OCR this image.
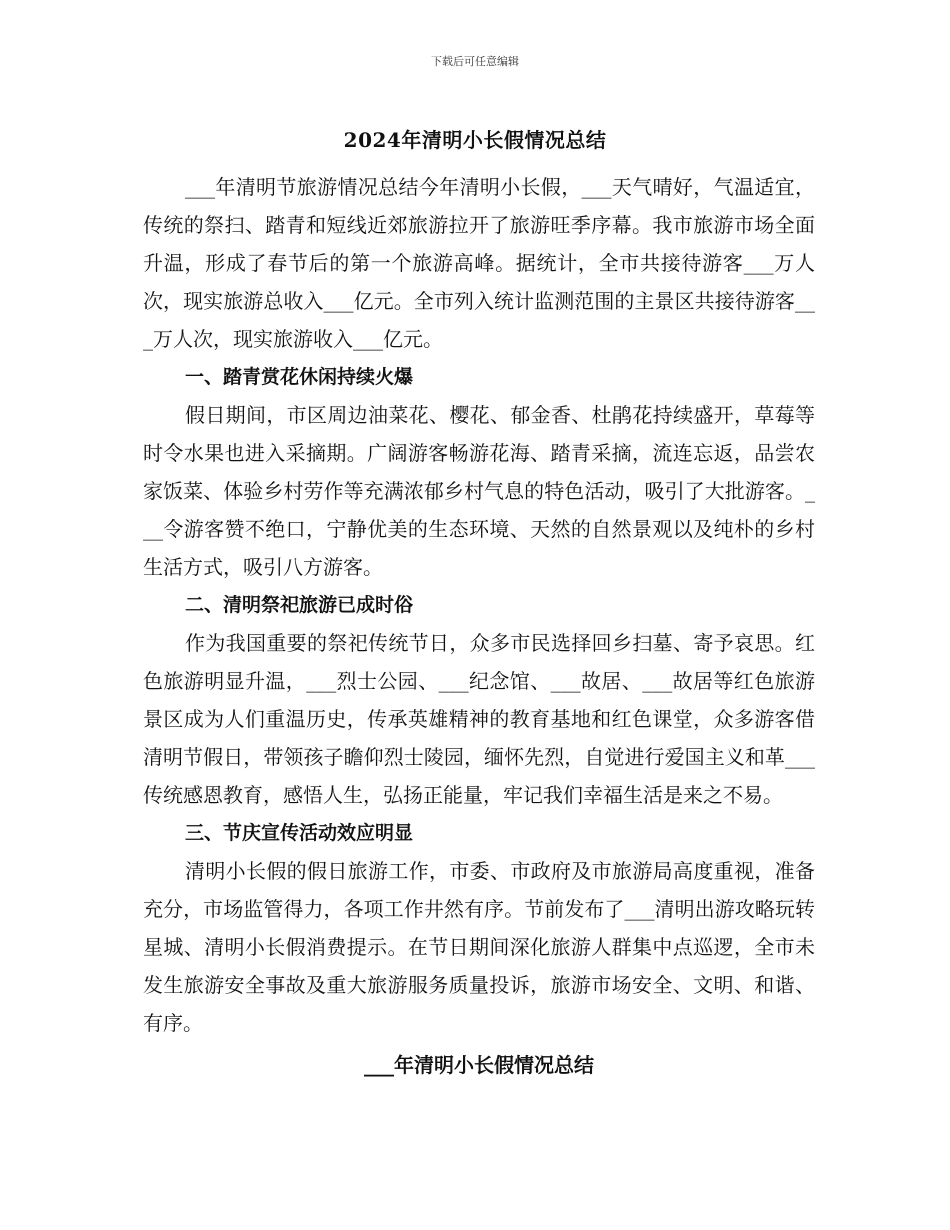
下载后可任意编辑
2024年清明小长假情况总结

___年清明节旅游情况总结今年清明小长假，___天气晴好，气温适宜，传统的祭扫、踏青和短线近郊旅游拉开了旅游旺季序幕。我市旅游市场全面升温，形成了春节后的第一个旅游高峰。据统计，全市共接待游客___万人次，现实旅游总收入___亿元。全市列入统计监测范围的主景区共接待游客___万人次，现实旅游收入___亿元。

一、踏青赏花休闲持续火爆

假日期间，市区周边油菜花、樱花、郁金香、杜鹃花持续盛开，草莓等时令水果也进入采摘期。广阔游客畅游花海、踏青采摘，流连忘返，品尝农家饭菜、体验乡村劳作等充满浓郁乡村气息的特色活动，吸引了大批游客。___令游客赞不绝口，宁静优美的生态环境、天然的自然景观以及纯朴的乡村生活方式，吸引八方游客。

二、清明祭祀旅游已成时俗

作为我国重要的祭祀传统节日，众多市民选择回乡扫墓、寄予哀思。红色旅游明显升温，___烈士公园、___纪念馆、___故居、___故居等红色旅游景区成为人们重温历史，传承英雄精神的教育基地和红色课堂，众多游客借清明节假日，带领孩子瞻仰烈士陵园，缅怀先烈，自觉进行爱国主义和革___传统感恩教育，感悟人生，弘扬正能量，牢记我们幸福生活是来之不易。

三、节庆宣传活动效应明显

清明小长假的假日旅游工作，市委、市政府及市旅游局高度重视，准备充分，市场监管得力，各项工作井然有序。节前发布了___清明出游攻略玩转星城、清明小长假消费提示。在节日期间深化旅游人群集中点巡逻，全市未发生旅游安全事故及重大旅游服务质量投诉，旅游市场安全、文明、和谐、有序。

___年清明小长假情况总结
